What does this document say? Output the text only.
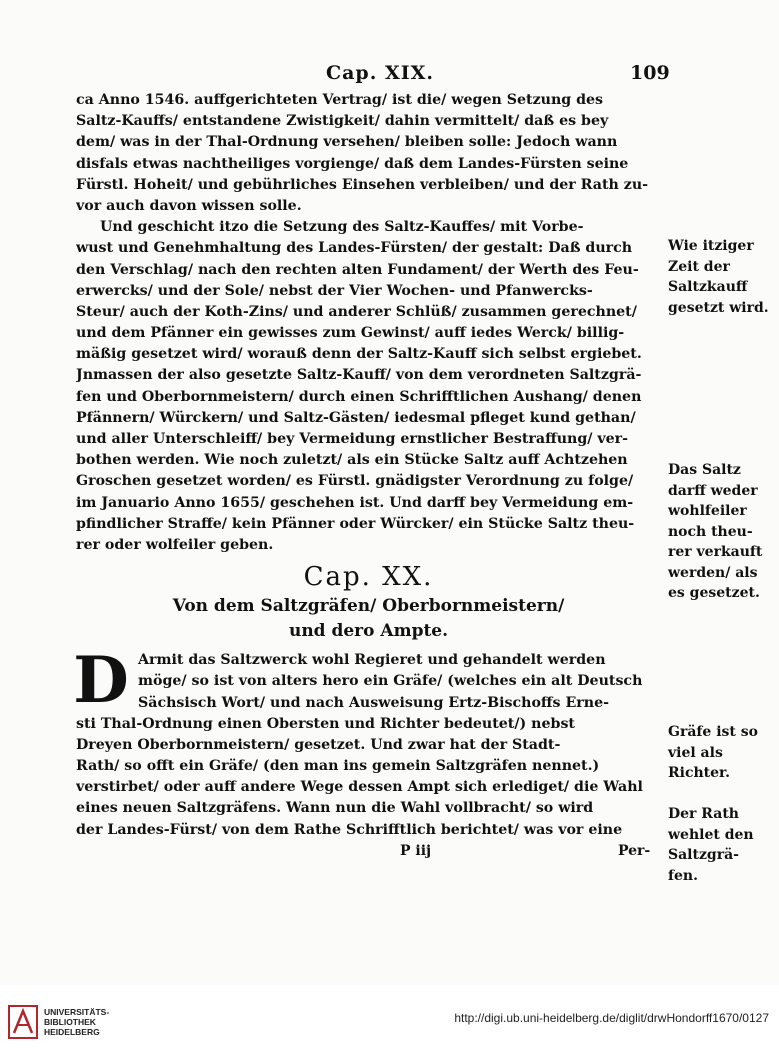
Cap. XIX.	109
ca Anno 1546. auffgerichteten Vertrag/ ist die/ wegen Setzung des
Saltz-Kauffs/ entstandene Zwistigkeit/ dahin vermittelt/ daß es bey
dem/ was in der Thal-Ordnung versehen/ bleiben solle: Jedoch wann
disfals etwas nachtheiliges vorgienge/ daß dem Landes-Fürsten seine
Fürstl. Hoheit/ und gebührliches Einsehen verbleiben/ und der Rath zu-
vor auch davon wissen solle.
Und geschicht itzo die Setzung des Saltz-Kauffes/ mit Vorbe-
wust und Genehmhaltung des Landes-Fürsten/ der gestalt: Daß durch
den Verschlag/ nach den rechten alten Fundament/ der Werth des Feu-
erwercks/ und der Sole/ nebst der Vier Wochen- und Pfanwercks-
Steur/ auch der Koth-Zins/ und anderer Schlüß/ zusammen gerechnet/
und dem Pfänner ein gewisses zum Gewinst/ auff iedes Werck/ billig-
mäßig gesetzet wird/ worauß denn der Saltz-Kauff sich selbst ergiebet.
Jnmassen der also gesetzte Saltz-Kauff/ von dem verordneten Saltzgrä-
fen und Oberbornmeistern/ durch einen Schrifftlichen Aushang/ denen
Pfännern/ Würckern/ und Saltz-Gästen/ iedesmal pfleget kund gethan/
und aller Unterschleiff/ bey Vermeidung ernstlicher Bestraffung/ ver-
bothen werden. Wie noch zuletzt/ als ein Stücke Saltz auff Achtzehen
Groschen gesetzet worden/ es Fürstl. gnädigster Verordnung zu folge/
im Januario Anno 1655/ geschehen ist. Und darff bey Vermeidung em-
pfindlicher Straffe/ kein Pfänner oder Würcker/ ein Stücke Saltz theu-
rer oder wolfeiler geben.
Cap. XX.
Von dem Saltzgräfen/ Oberbornmeistern/
und dero Ampte.
D Armit das Saltzwerck wohl Regieret und gehandelt werden
möge/ so ist von alters hero ein Gräfe/ (welches ein alt Deutsch
Sächsisch Wort/ und nach Ausweisung Ertz-Bischoffs Erne-
sti Thal-Ordnung einen Obersten und Richter bedeutet/) nebst
Dreyen Oberbornmeistern/ gesetzet. Und zwar hat der Stadt-
Rath/ so offt ein Gräfe/ (den man ins gemein Saltzgräfen nennet.)
verstirbet/ oder auff andere Wege dessen Ampt sich erlediget/ die Wahl
eines neuen Saltzgräfens. Wann nun die Wahl vollbracht/ so wird
der Landes-Fürst/ von dem Rathe Schrifftlich berichtet/ was vor eine
P iij	Per-
Wie itziger
Zeit der
Saltzkauff
gesetzt wird.
Das Saltz
darff weder
wohlfeiler
noch theu-
rer verkauft
werden/ als
es gesetzet.
Gräfe ist so
viel als
Richter.
Der Rath
wehlet den
Saltzgrä-
fen.
UNIVERSITÄTS-
BIBLIOTHEK
HEIDELBERG
http://digi.ub.uni-heidelberg.de/diglit/drwHondorff1670/0127
